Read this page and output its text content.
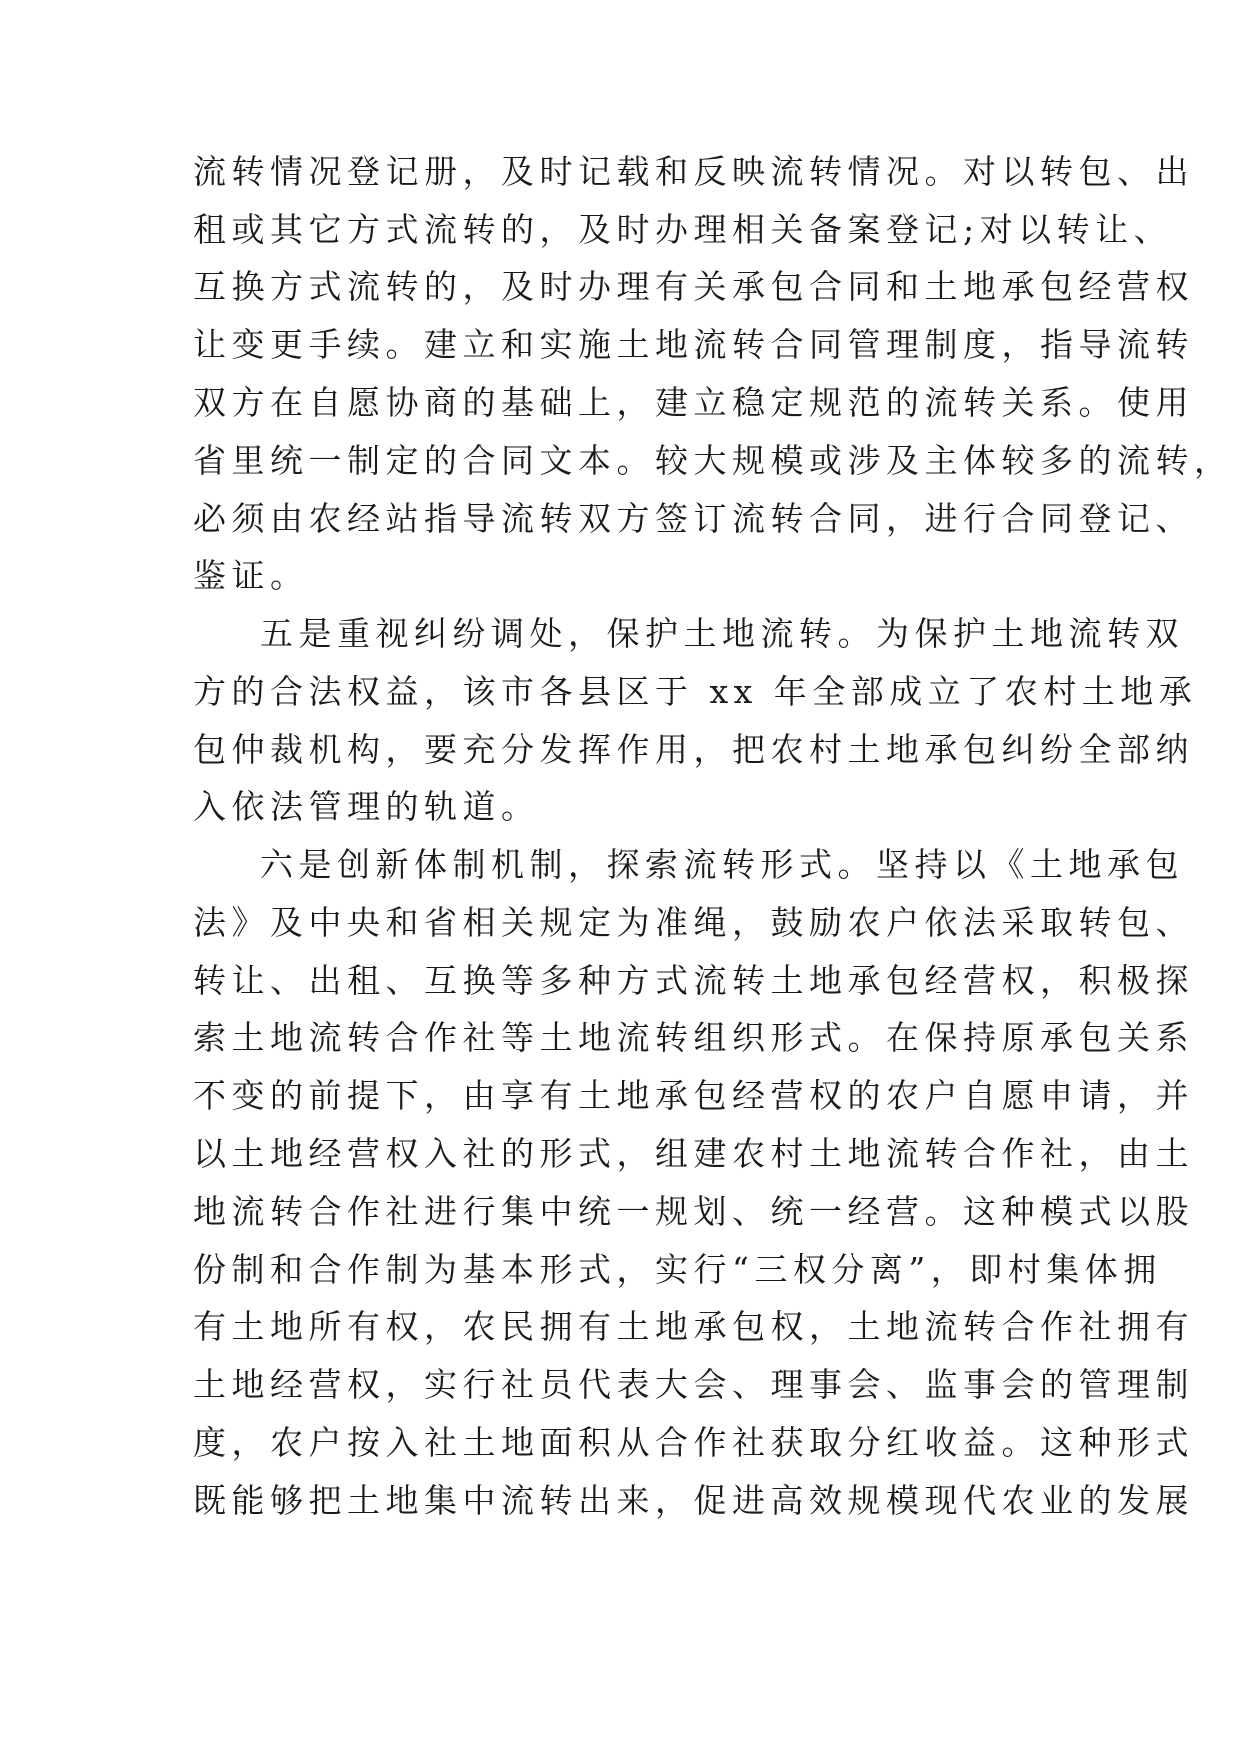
流转情况登记册，及时记载和反映流转情况。对以转包、出
租或其它方式流转的，及时办理相关备案登记;对以转让、
互换方式流转的，及时办理有关承包合同和土地承包经营权
让变更手续。建立和实施土地流转合同管理制度，指导流转
双方在自愿协商的基础上，建立稳定规范的流转关系。使用
省里统一制定的合同文本。较大规模或涉及主体较多的流转，
必须由农经站指导流转双方签订流转合同，进行合同登记、
鉴证。
五是重视纠纷调处，保护土地流转。为保护土地流转双
方的合法权益，该市各县区于 xx 年全部成立了农村土地承
包仲裁机构，要充分发挥作用，把农村土地承包纠纷全部纳
入依法管理的轨道。
六是创新体制机制，探索流转形式。坚持以《土地承包
法》及中央和省相关规定为准绳，鼓励农户依法采取转包、
转让、出租、互换等多种方式流转土地承包经营权，积极探
索土地流转合作社等土地流转组织形式。在保持原承包关系
不变的前提下，由享有土地承包经营权的农户自愿申请，并
以土地经营权入社的形式，组建农村土地流转合作社，由土
地流转合作社进行集中统一规划、统一经营。这种模式以股
份制和合作制为基本形式，实行“三权分离”，即村集体拥
有土地所有权，农民拥有土地承包权，土地流转合作社拥有
土地经营权，实行社员代表大会、理事会、监事会的管理制
度，农户按入社土地面积从合作社获取分红收益。这种形式
既能够把土地集中流转出来，促进高效规模现代农业的发展
